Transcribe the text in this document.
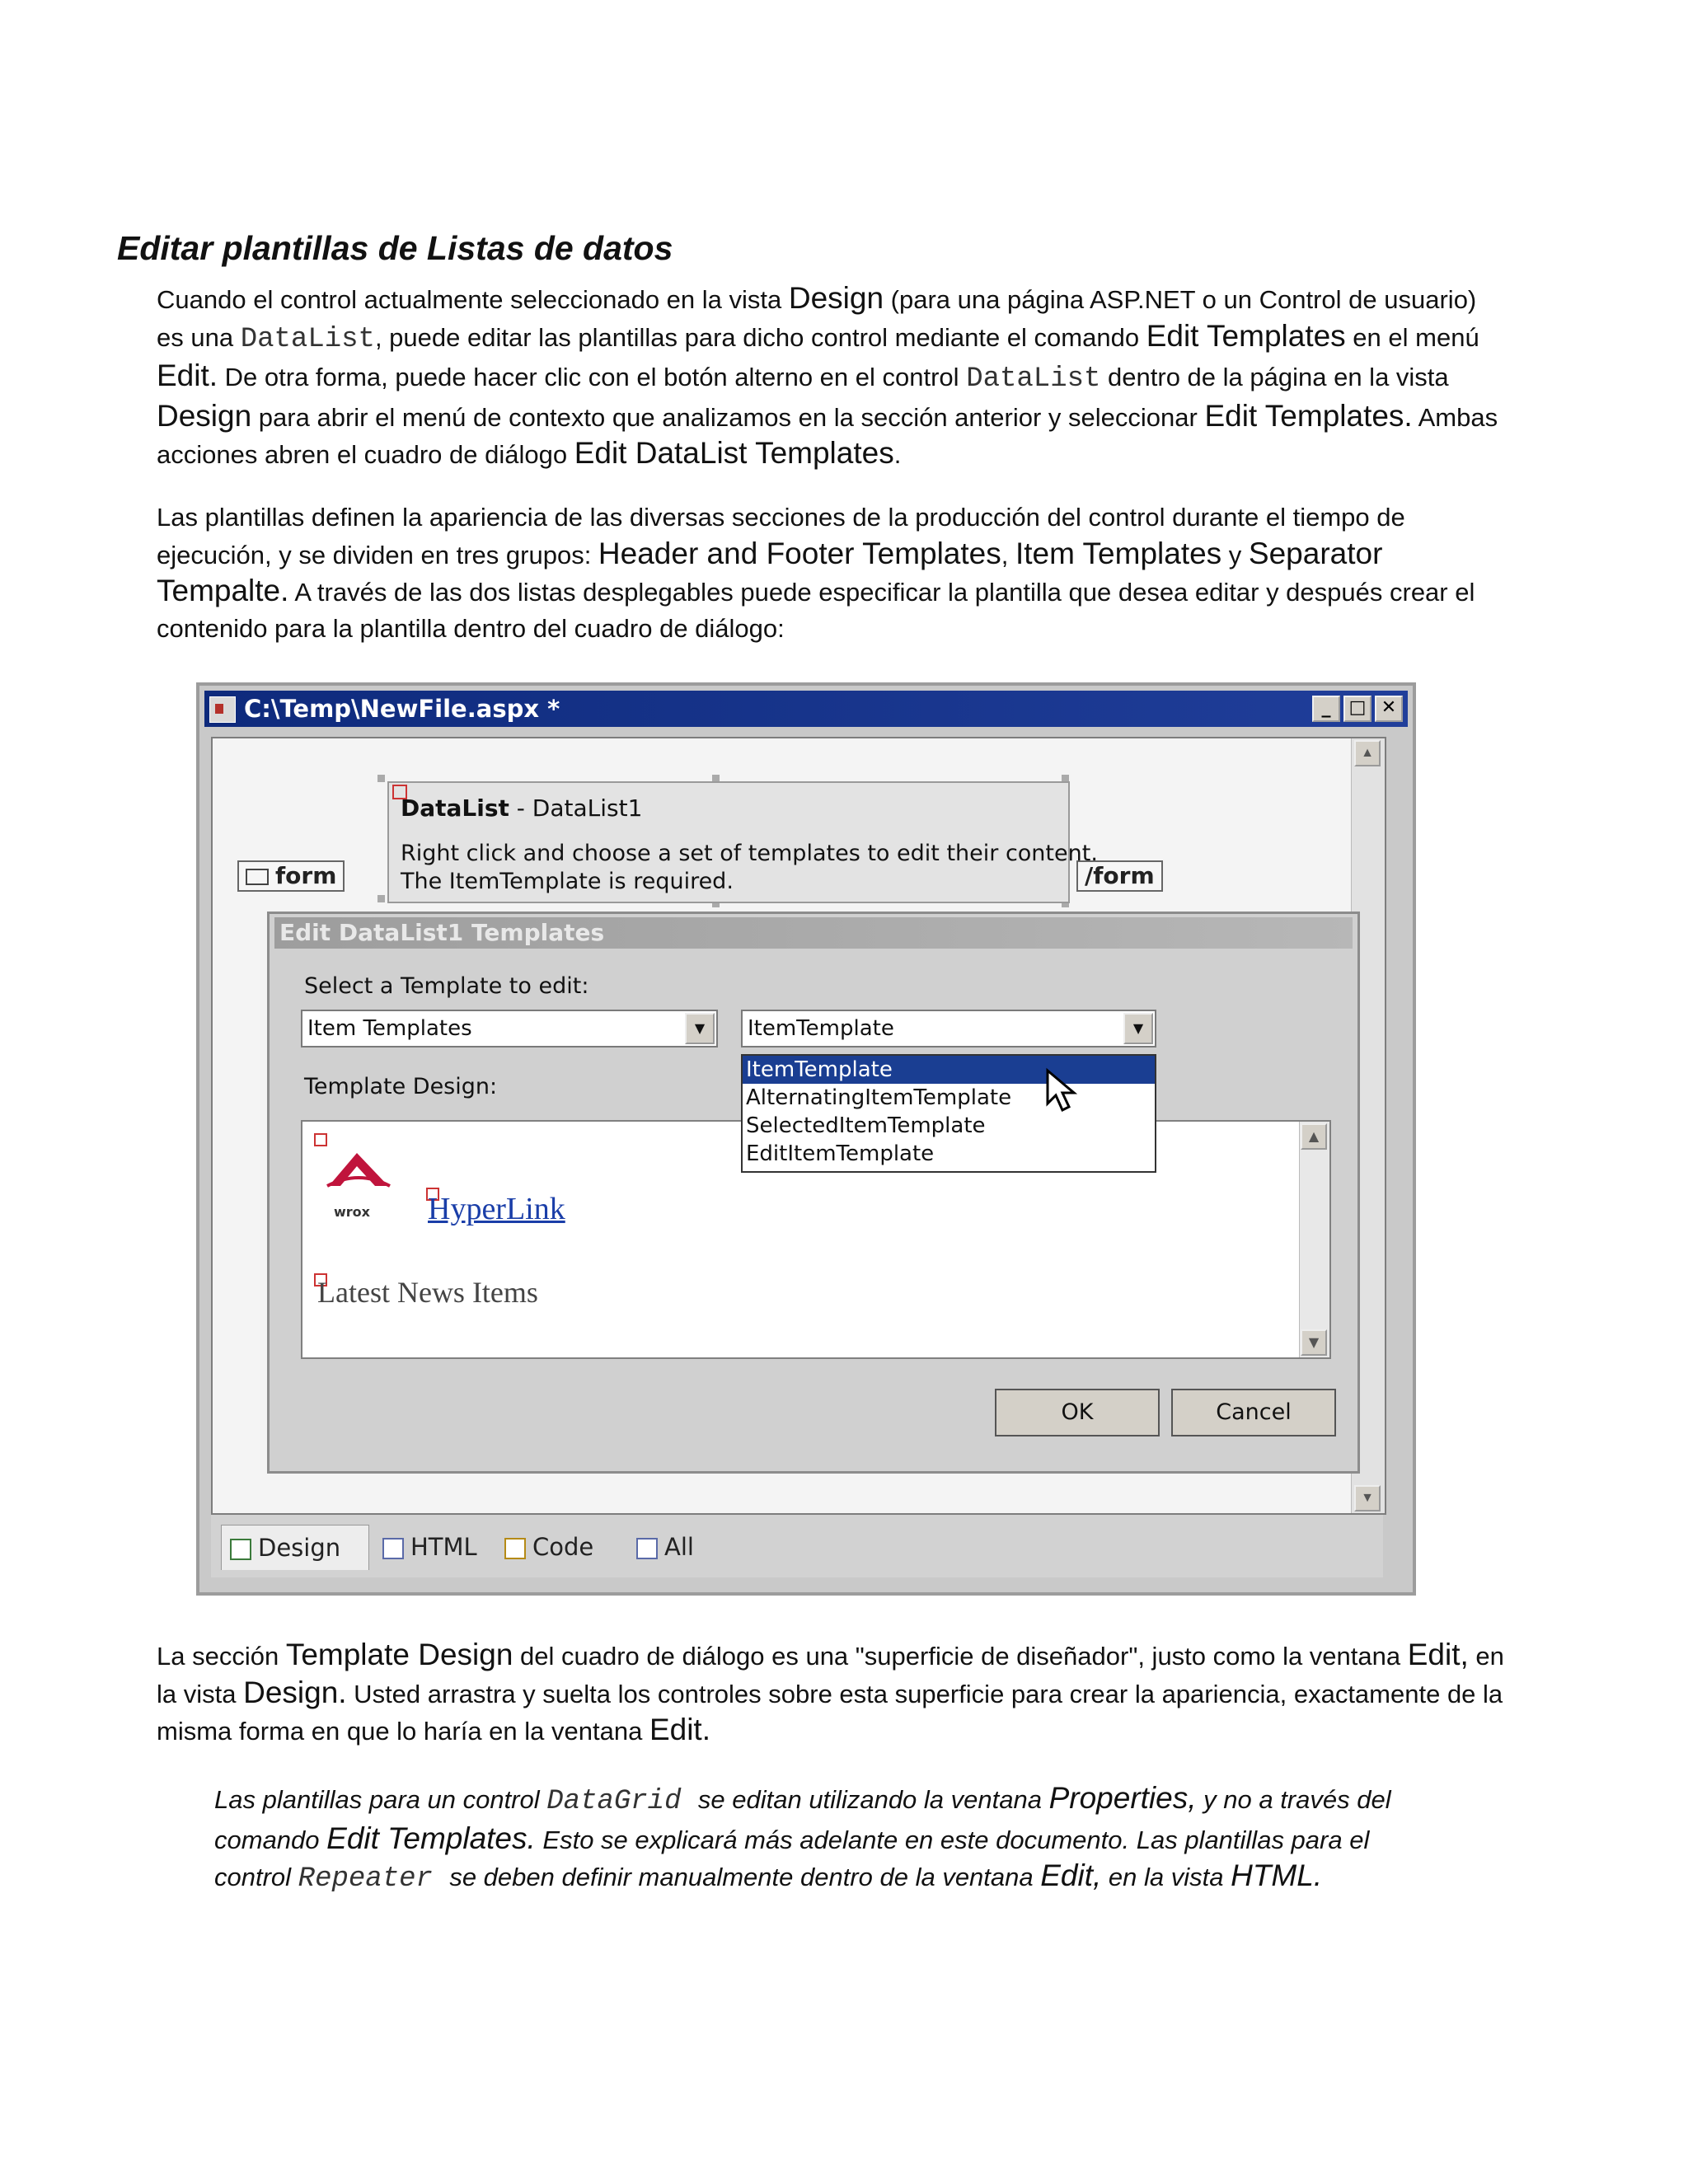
Editar plantillas de Listas de datos

Cuando el control actualmente seleccionado en la vista Design (para una página ASP.NET o un Control de usuario) es una DataList, puede editar las plantillas para dicho control mediante el comando Edit Templates en el menú Edit. De otra forma, puede hacer clic con el botón alterno en el control DataList dentro de la página en la vista Design para abrir el menú de contexto que analizamos en la sección anterior y seleccionar Edit Templates. Ambas acciones abren el cuadro de diálogo Edit DataList Templates.

Las plantillas definen la apariencia de las diversas secciones de la producción del control durante el tiempo de ejecución, y se dividen en tres grupos: Header and Footer Templates, Item Templates y Separator Tempalte. A través de las dos listas desplegables puede especificar la plantilla que desea editar y después crear el contenido para la plantilla dentro del cuadro de diálogo:

C:\Temp\NewFile.aspx *	_	□ ✕
▲
▼
form	/form
DataList - DataList1
Right click and choose a set of templates to edit their content.
The ItemTemplate is required.
Edit DataList1 Templates
Select a Template to edit:
Item Templates	▼	ItemTemplate	▼
Template Design:
wrox HyperLink
Latest News Items
▲
▼
ItemTemplate
AlternatingItemTemplate
SelectedItemTemplate
EditItemTemplate
OK	Cancel
Design	HTML	Code	All

La sección Template Design del cuadro de diálogo es una "superficie de diseñador", justo como la ventana Edit, en la vista Design. Usted arrastra y suelta los controles sobre esta superficie para crear la apariencia, exactamente de la misma forma en que lo haría en la ventana Edit.

Las plantillas para un control DataGrid se editan utilizando la ventana Properties, y no a través del comando Edit Templates. Esto se explicará más adelante en este documento. Las plantillas para el control Repeater se deben definir manualmente dentro de la ventana Edit, en la vista HTML.
